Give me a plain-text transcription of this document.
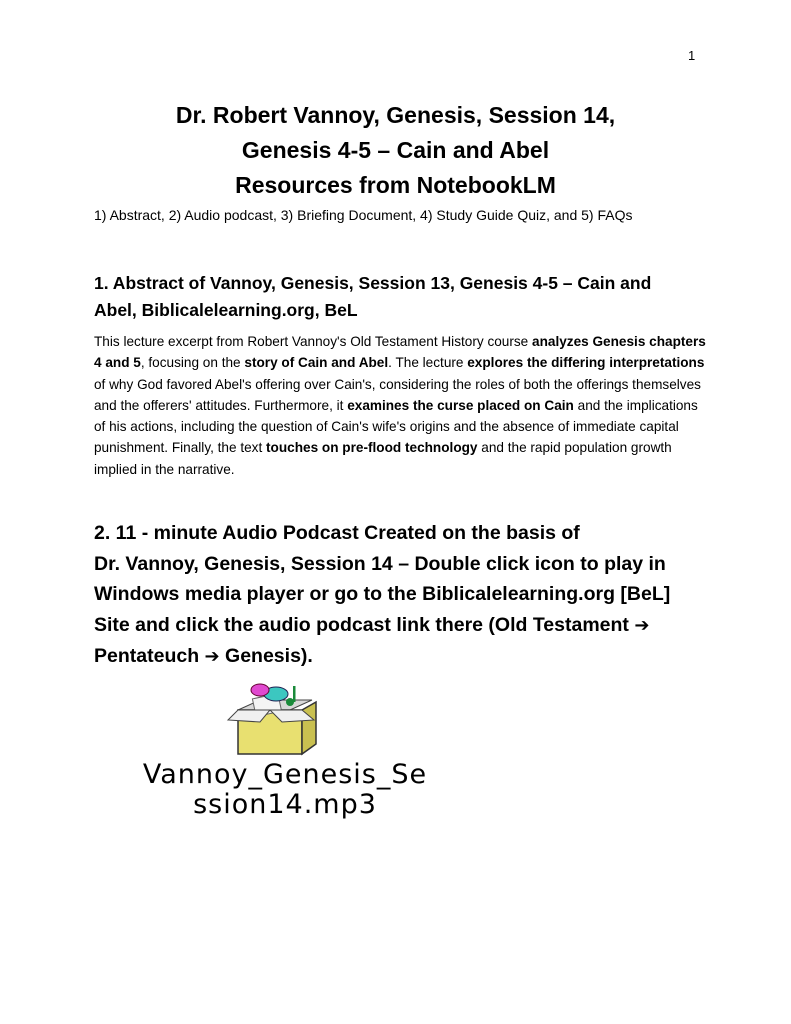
1
Dr. Robert Vannoy, Genesis, Session 14,
Genesis 4-5 – Cain and Abel
Resources from NotebookLM
1) Abstract, 2) Audio podcast, 3) Briefing Document, 4) Study Guide Quiz, and 5) FAQs
1. Abstract of Vannoy, Genesis, Session 13, Genesis 4-5 – Cain and
Abel, Biblicalelearning.org, BeL
This lecture excerpt from Robert Vannoy's Old Testament History course analyzes Genesis chapters 4 and 5, focusing on the story of Cain and Abel. The lecture explores the differing interpretations of why God favored Abel's offering over Cain's, considering the roles of both the offerings themselves and the offerers' attitudes. Furthermore, it examines the curse placed on Cain and the implications of his actions, including the question of Cain's wife's origins and the absence of immediate capital punishment. Finally, the text touches on pre-flood technology and the rapid population growth implied in the narrative.
2. 11 - minute Audio Podcast Created on the basis of
Dr. Vannoy, Genesis, Session 14 – Double click icon to play in
Windows media player or go to the Biblicalelearning.org [BeL]
Site and click the audio podcast link there (Old Testament ➔
Pentateuch ➔ Genesis).
Vannoy_Genesis_Se
ssion14.mp3
